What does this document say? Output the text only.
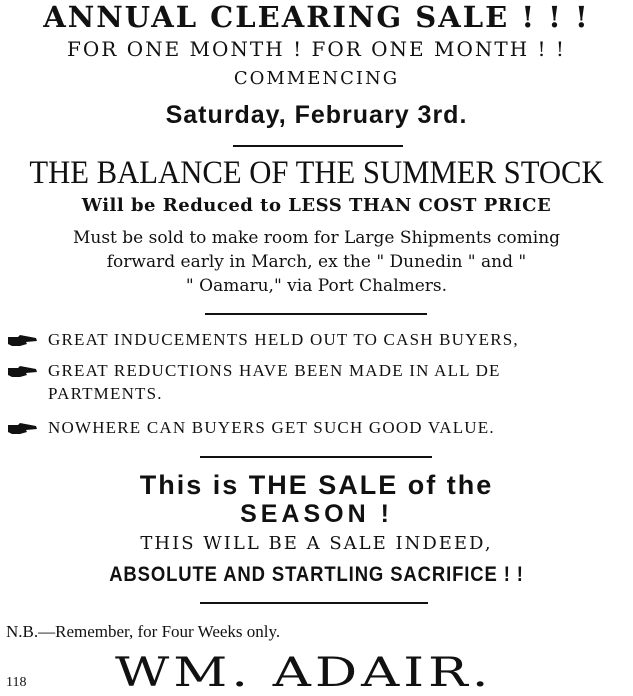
ANNUAL CLEARING SALE ! ! !
FOR ONE MONTH ! FOR ONE MONTH ! !
COMMENCING
Saturday, February 3rd.
THE BALANCE OF THE SUMMER STOCK
Will be Reduced to LESS THAN COST PRICE
Must be sold to make room for Large Shipments coming
forward early in March, ex the " Dunedin " and "
" Oamaru," via Port Chalmers.
GREAT INDUCEMENTS HELD OUT TO CASH BUYERS,
GREAT REDUCTIONS HAVE BEEN MADE IN ALL DE
PARTMENTS.
NOWHERE CAN BUYERS GET SUCH GOOD VALUE.
This is THE SALE of the
SEASON !
THIS WILL BE A SALE INDEED,
ABSOLUTE AND STARTLING SACRIFICE ! !
N.B.—Remember, for Four Weeks only.
118 WM. ADAIR.
